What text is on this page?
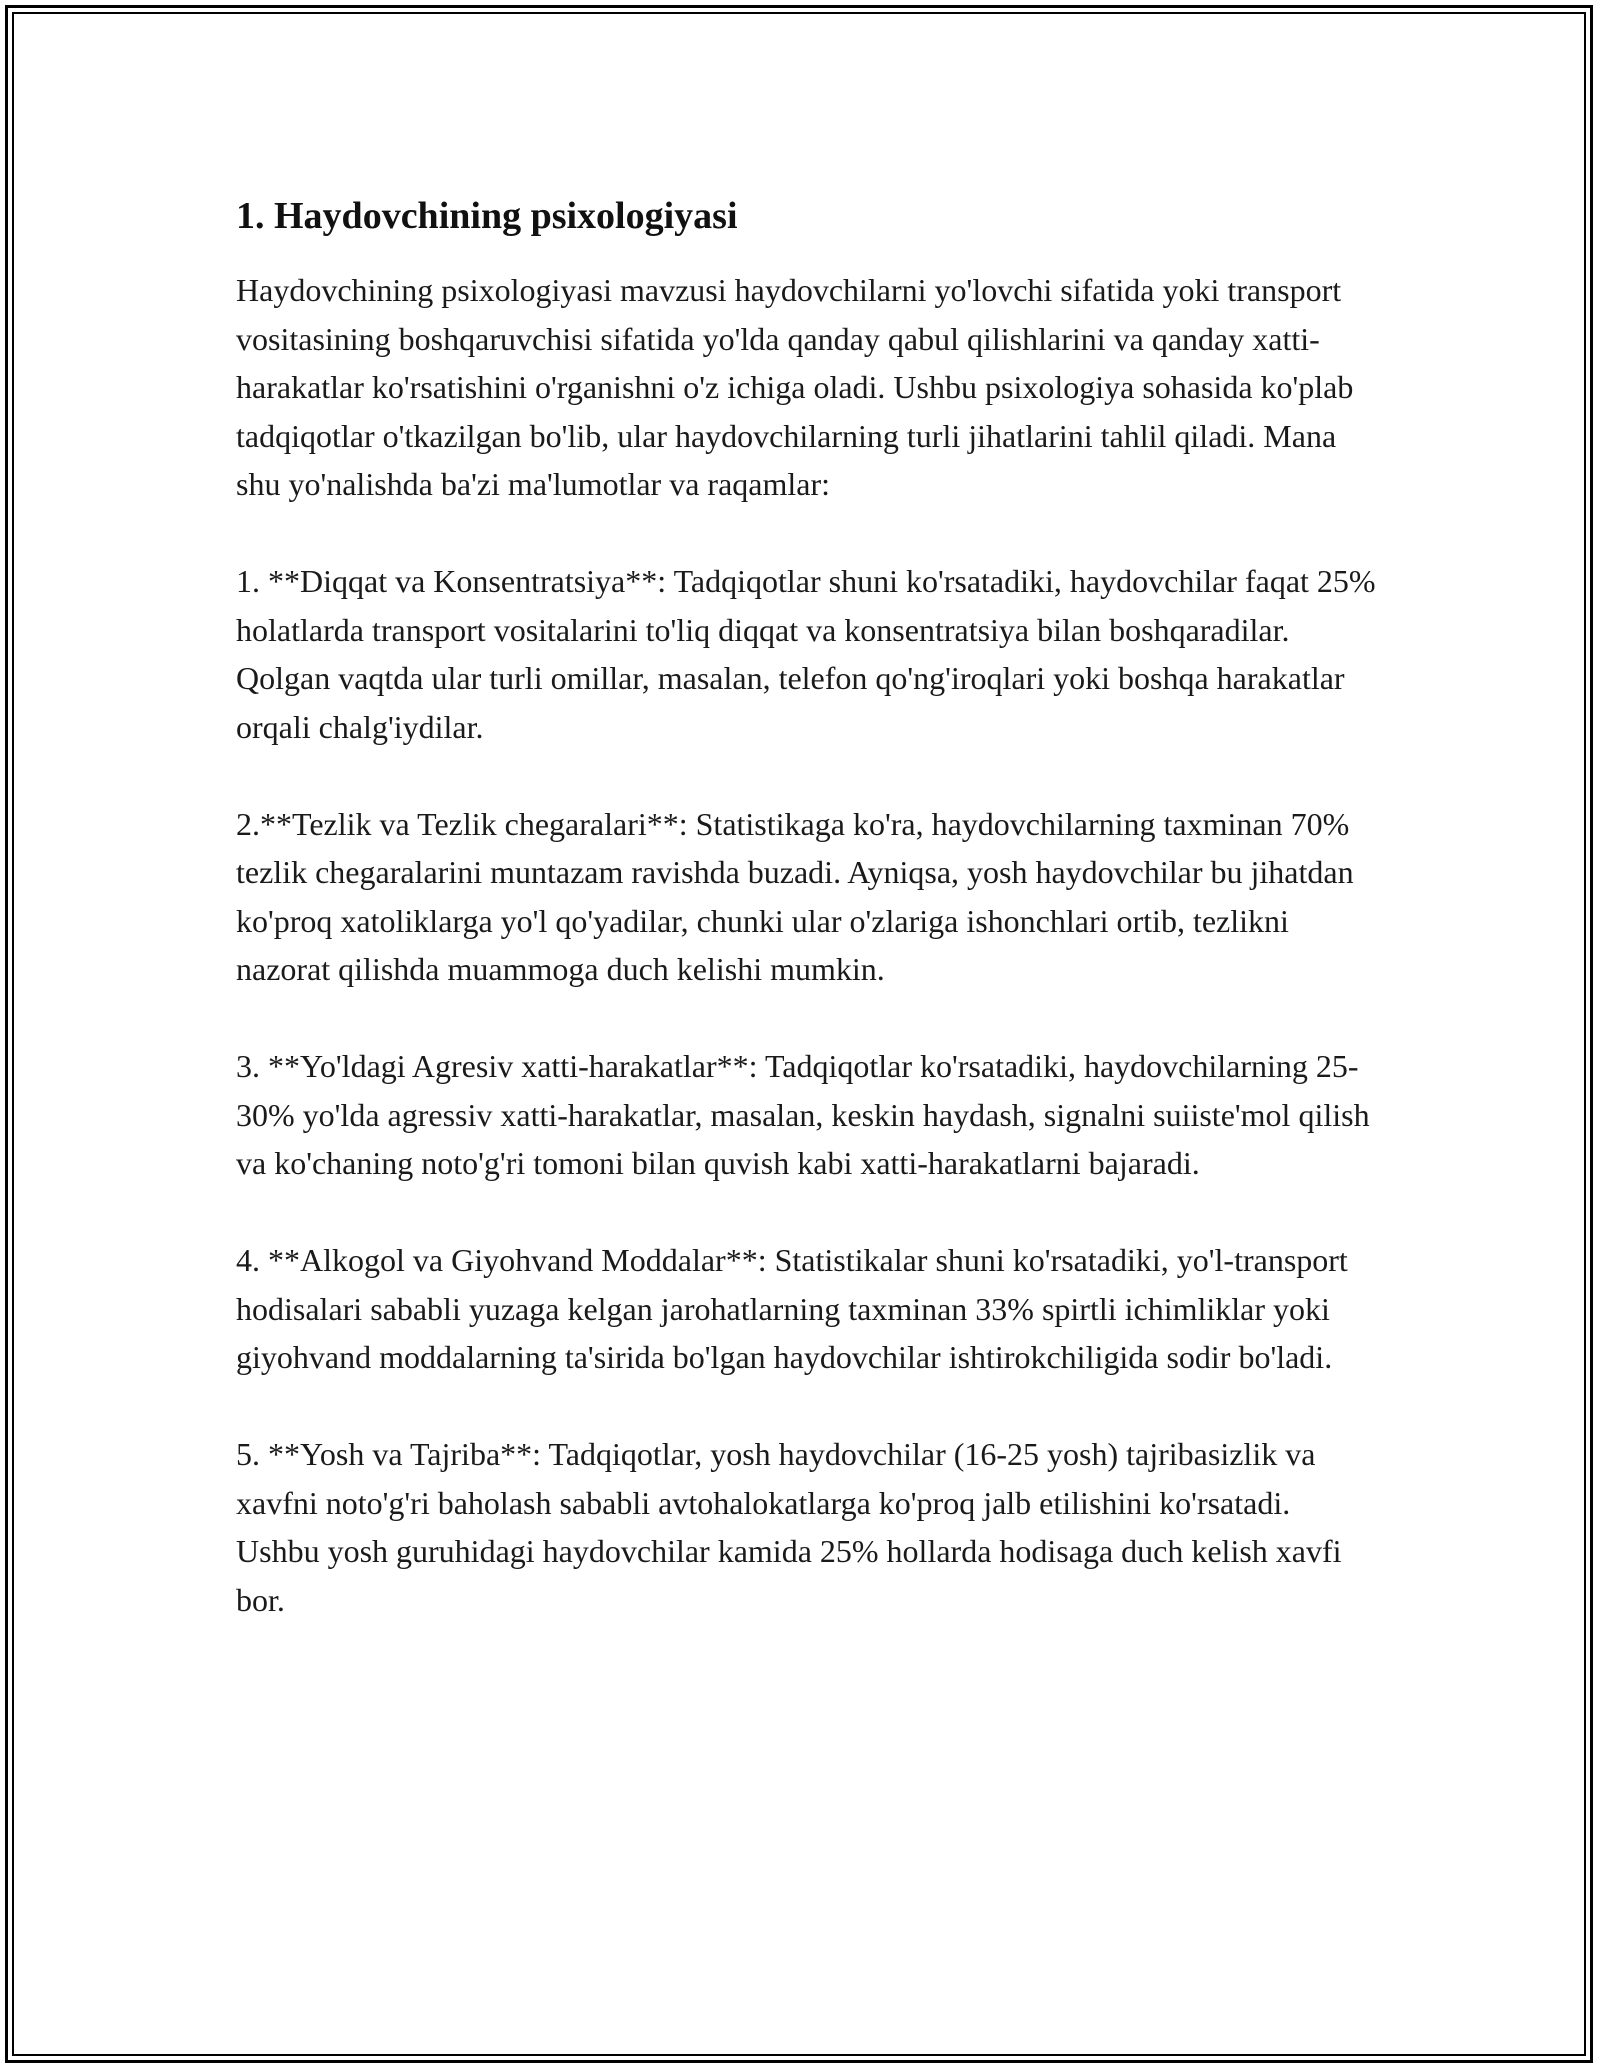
1. Haydovchining psixologiyasi

Haydovchining psixologiyasi mavzusi haydovchilarni yo'lovchi sifatida yoki transport vositasining boshqaruvchisi sifatida yo'lda qanday qabul qilishlarini va qanday xatti-harakatlar ko'rsatishini o'rganishni o'z ichiga oladi. Ushbu psixologiya sohasida ko'plab tadqiqotlar o'tkazilgan bo'lib, ular haydovchilarning turli jihatlarini tahlil qiladi. Mana shu yo'nalishda ba'zi ma'lumotlar va raqamlar:

1. **Diqqat va Konsentratsiya**: Tadqiqotlar shuni ko'rsatadiki, haydovchilar faqat 25% holatlarda transport vositalarini to'liq diqqat va konsentratsiya bilan boshqaradilar. Qolgan vaqtda ular turli omillar, masalan, telefon qo'ng'iroqlari yoki boshqa harakatlar orqali chalg'iydilar.

2.**Tezlik va Tezlik chegaralari**: Statistikaga ko'ra, haydovchilarning taxminan 70% tezlik chegaralarini muntazam ravishda buzadi. Ayniqsa, yosh haydovchilar bu jihatdan ko'proq xatoliklarga yo'l qo'yadilar, chunki ular o'zlariga ishonchlari ortib, tezlikni nazorat qilishda muammoga duch kelishi mumkin.

3. **Yo'ldagi Agresiv xatti-harakatlar**: Tadqiqotlar ko'rsatadiki, haydovchilarning 25-30% yo'lda agressiv xatti-harakatlar, masalan, keskin haydash, signalni suiiste'mol qilish va ko'chaning noto'g'ri tomoni bilan quvish kabi xatti-harakatlarni bajaradi.

4. **Alkogol va Giyohvand Moddalar**: Statistikalar shuni ko'rsatadiki, yo'l-transport hodisalari sababli yuzaga kelgan jarohatlarning taxminan 33% spirtli ichimliklar yoki giyohvand moddalarning ta'sirida bo'lgan haydovchilar ishtirokchiligida sodir bo'ladi.

5. **Yosh va Tajriba**: Tadqiqotlar, yosh haydovchilar (16-25 yosh) tajribasizlik va xavfni noto'g'ri baholash sababli avtohalokatlarga ko'proq jalb etilishini ko'rsatadi. Ushbu yosh guruhidagi haydovchilar kamida 25% hollarda hodisaga duch kelish xavfi bor.
